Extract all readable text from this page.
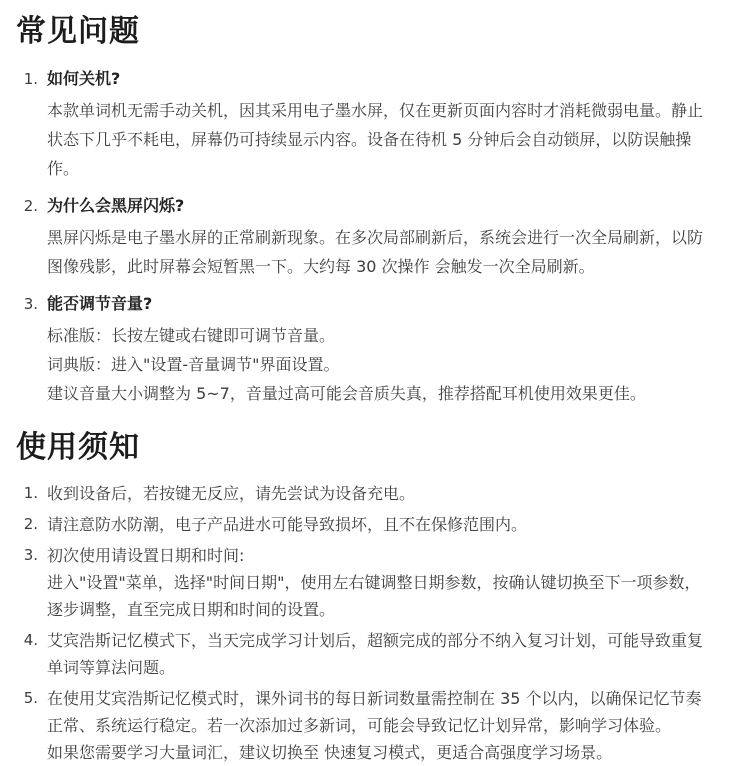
常见问题
1. 如何关机?

本款单词机无需手动关机，因其采用电子墨水屏，仅在更新页面内容时才消耗微弱电量。静止状态下几乎不耗电，屏幕仍可持续显示内容。设备在待机 5 分钟后会自动锁屏，以防误触操作。

2. 为什么会黑屏闪烁?

黑屏闪烁是电子墨水屏的正常刷新现象。在多次局部刷新后，系统会进行一次全局刷新，以防图像残影，此时屏幕会短暂黑一下。大约每 30 次操作 会触发一次全局刷新。

3. 能否调节音量?

标准版：长按左键或右键即可调节音量。

词典版：进入"设置-音量调节"界面设置。

建议音量大小调整为 5~7，音量过高可能会音质失真，推荐搭配耳机使用效果更佳。

使用须知
1. 收到设备后，若按键无反应，请先尝试为设备充电。

2. 请注意防水防潮，电子产品进水可能导致损坏，且不在保修范围内。

3. 初次使用请设置日期和时间:

进入"设置"菜单，选择"时间日期"，使用左右键调整日期参数，按确认键切换至下一项参数，逐步调整，直至完成日期和时间的设置。

4. 艾宾浩斯记忆模式下，当天完成学习计划后，超额完成的部分不纳入复习计划，可能导致重复单词等算法问题。

5. 在使用艾宾浩斯记忆模式时，课外词书的每日新词数量需控制在 35 个以内，以确保记忆节奏正常、系统运行稳定。若一次添加过多新词，可能会导致记忆计划异常，影响学习体验。

如果您需要学习大量词汇，建议切换至 快速复习模式，更适合高强度学习场景。
